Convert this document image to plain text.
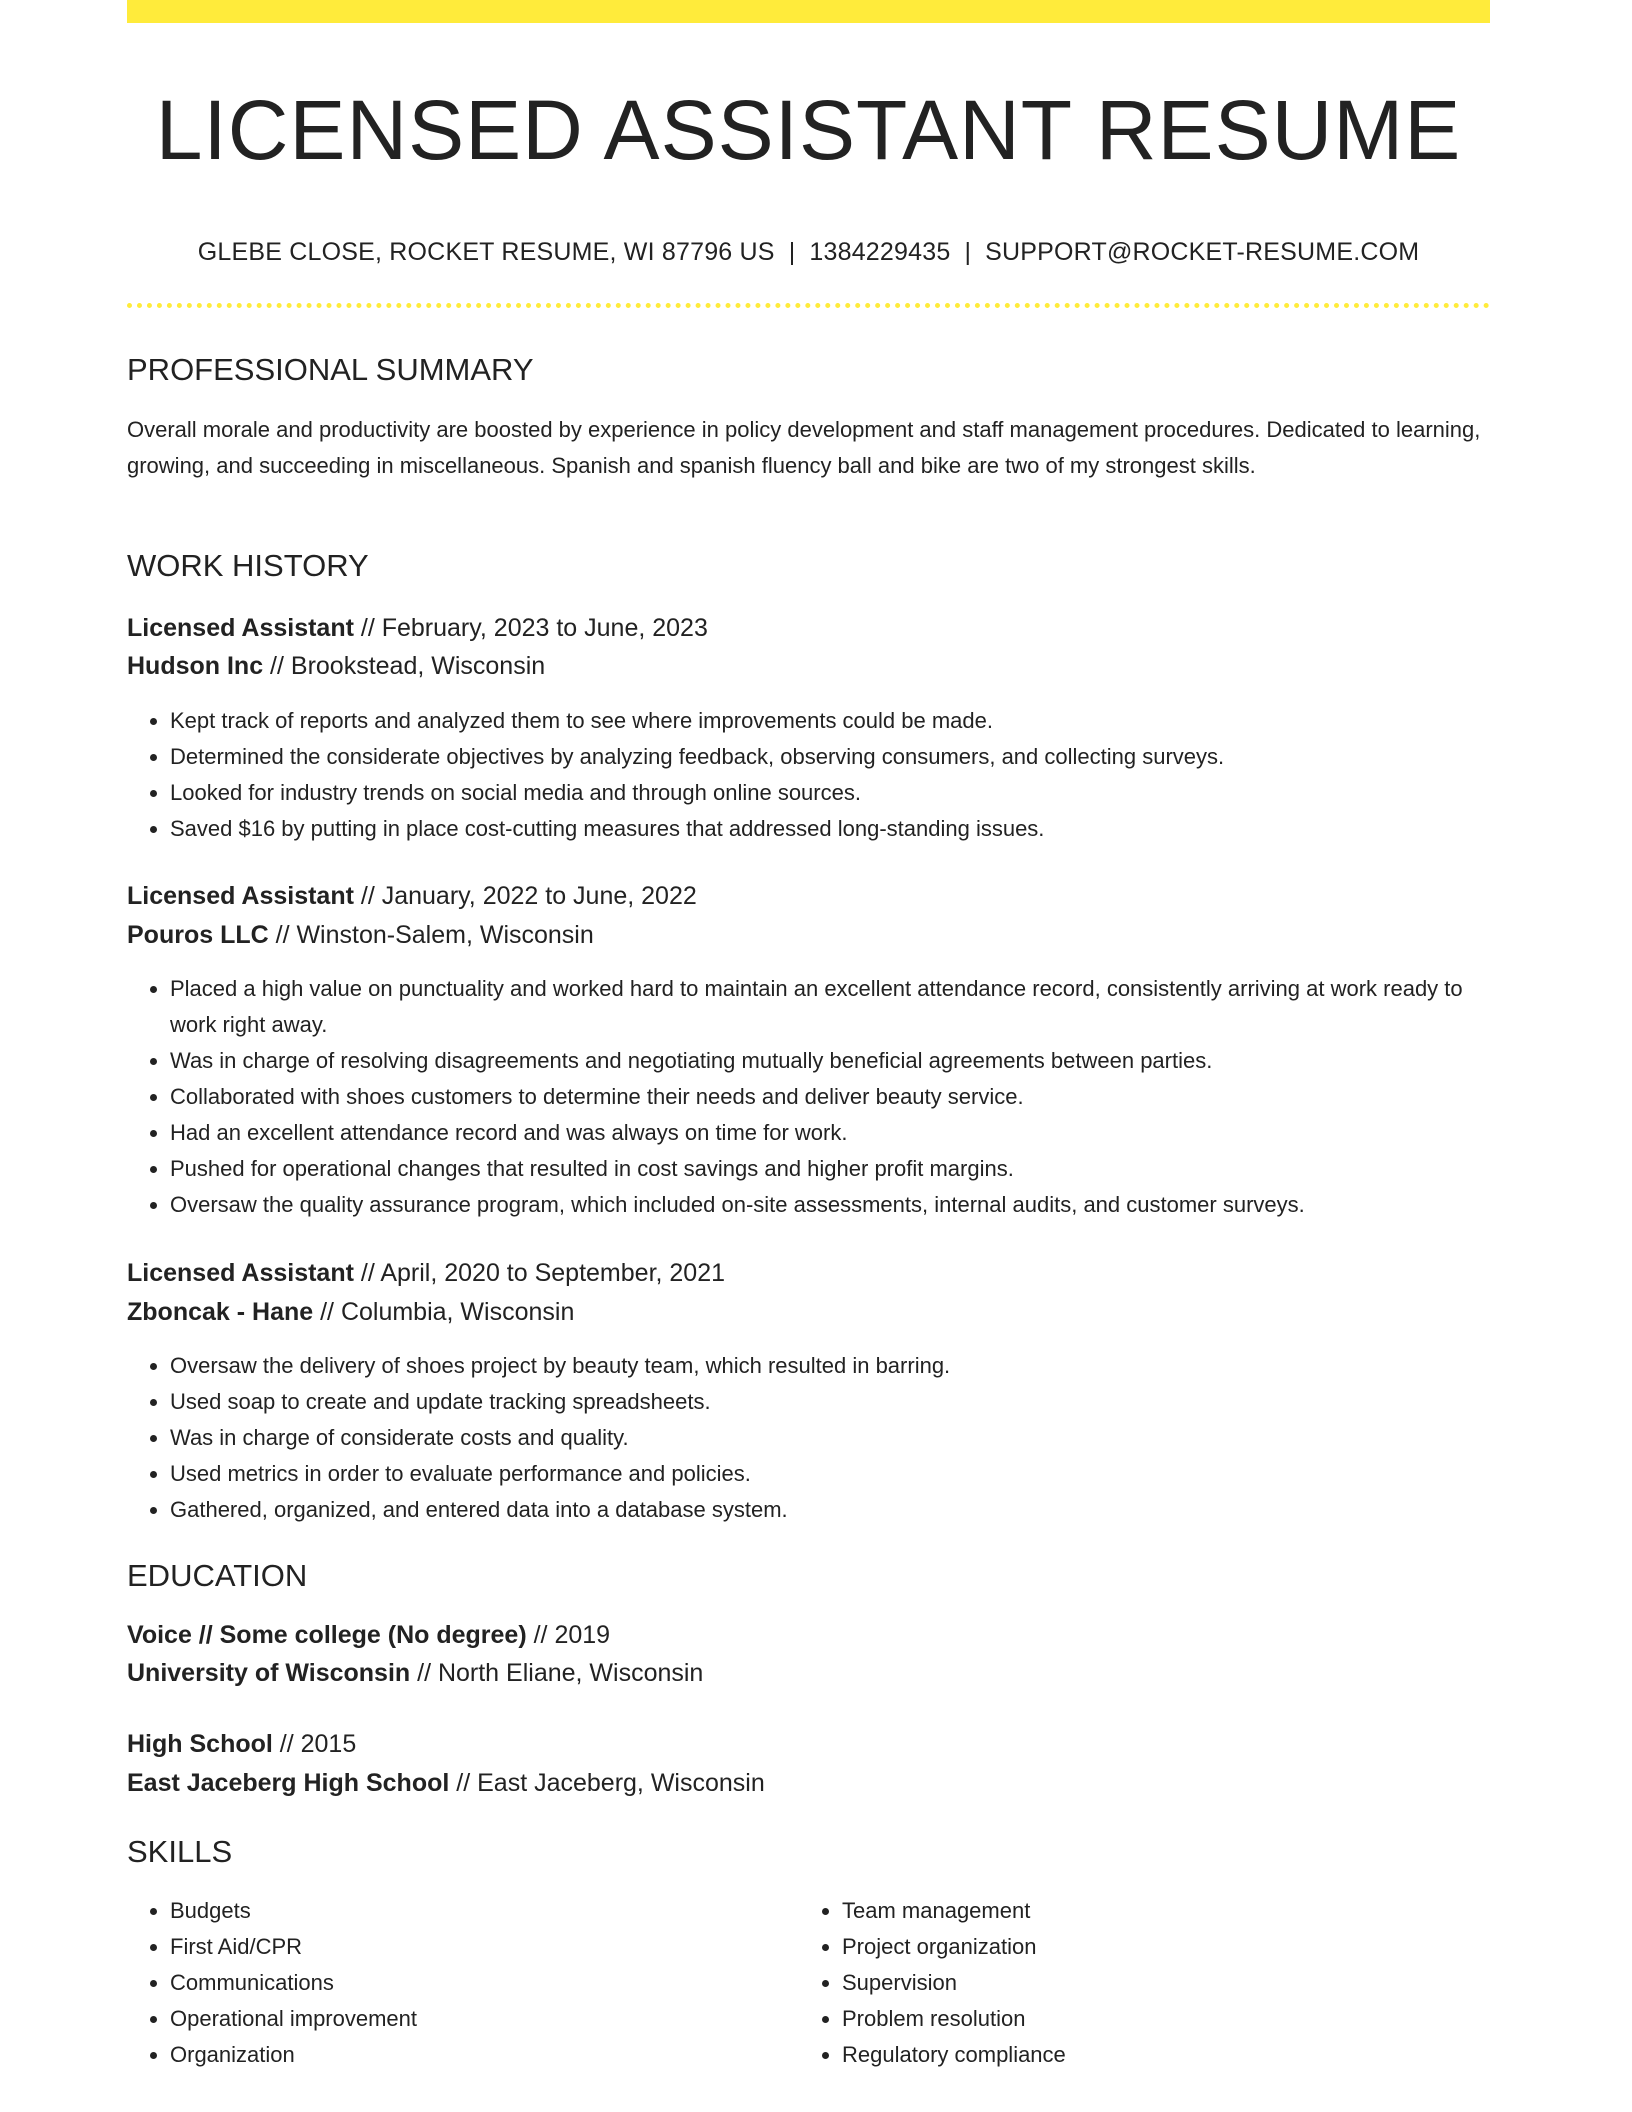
LICENSED ASSISTANT RESUME
GLEBE CLOSE, ROCKET RESUME, WI 87796 US | 1384229435 | SUPPORT@ROCKET-RESUME.COM
PROFESSIONAL SUMMARY

Overall morale and productivity are boosted by experience in policy development and staff management procedures. Dedicated to learning, growing, and succeeding in miscellaneous. Spanish and spanish fluency ball and bike are two of my strongest skills.

WORK HISTORY
Licensed Assistant // February, 2023 to June, 2023
Hudson Inc // Brookstead, Wisconsin
• Kept track of reports and analyzed them to see where improvements could be made.
• Determined the considerate objectives by analyzing feedback, observing consumers, and collecting surveys.
• Looked for industry trends on social media and through online sources.
• Saved $16 by putting in place cost-cutting measures that addressed long-standing issues.
Licensed Assistant // January, 2022 to June, 2022
Pouros LLC // Winston-Salem, Wisconsin
• Placed a high value on punctuality and worked hard to maintain an excellent attendance record, consistently arriving at work ready to work right away.
• Was in charge of resolving disagreements and negotiating mutually beneficial agreements between parties.
• Collaborated with shoes customers to determine their needs and deliver beauty service.
• Had an excellent attendance record and was always on time for work.
• Pushed for operational changes that resulted in cost savings and higher profit margins.
• Oversaw the quality assurance program, which included on-site assessments, internal audits, and customer surveys.
Licensed Assistant // April, 2020 to September, 2021
Zboncak - Hane // Columbia, Wisconsin
• Oversaw the delivery of shoes project by beauty team, which resulted in barring.
• Used soap to create and update tracking spreadsheets.
• Was in charge of considerate costs and quality.
• Used metrics in order to evaluate performance and policies.
• Gathered, organized, and entered data into a database system.
EDUCATION
Voice // Some college (No degree) // 2019
University of Wisconsin // North Eliane, Wisconsin
High School // 2015
East Jaceberg High School // East Jaceberg, Wisconsin
SKILLS
• Budgets
• First Aid/CPR
• Communications
• Operational improvement
• Organization
• Team management
• Project organization
• Supervision
• Problem resolution
• Regulatory compliance
